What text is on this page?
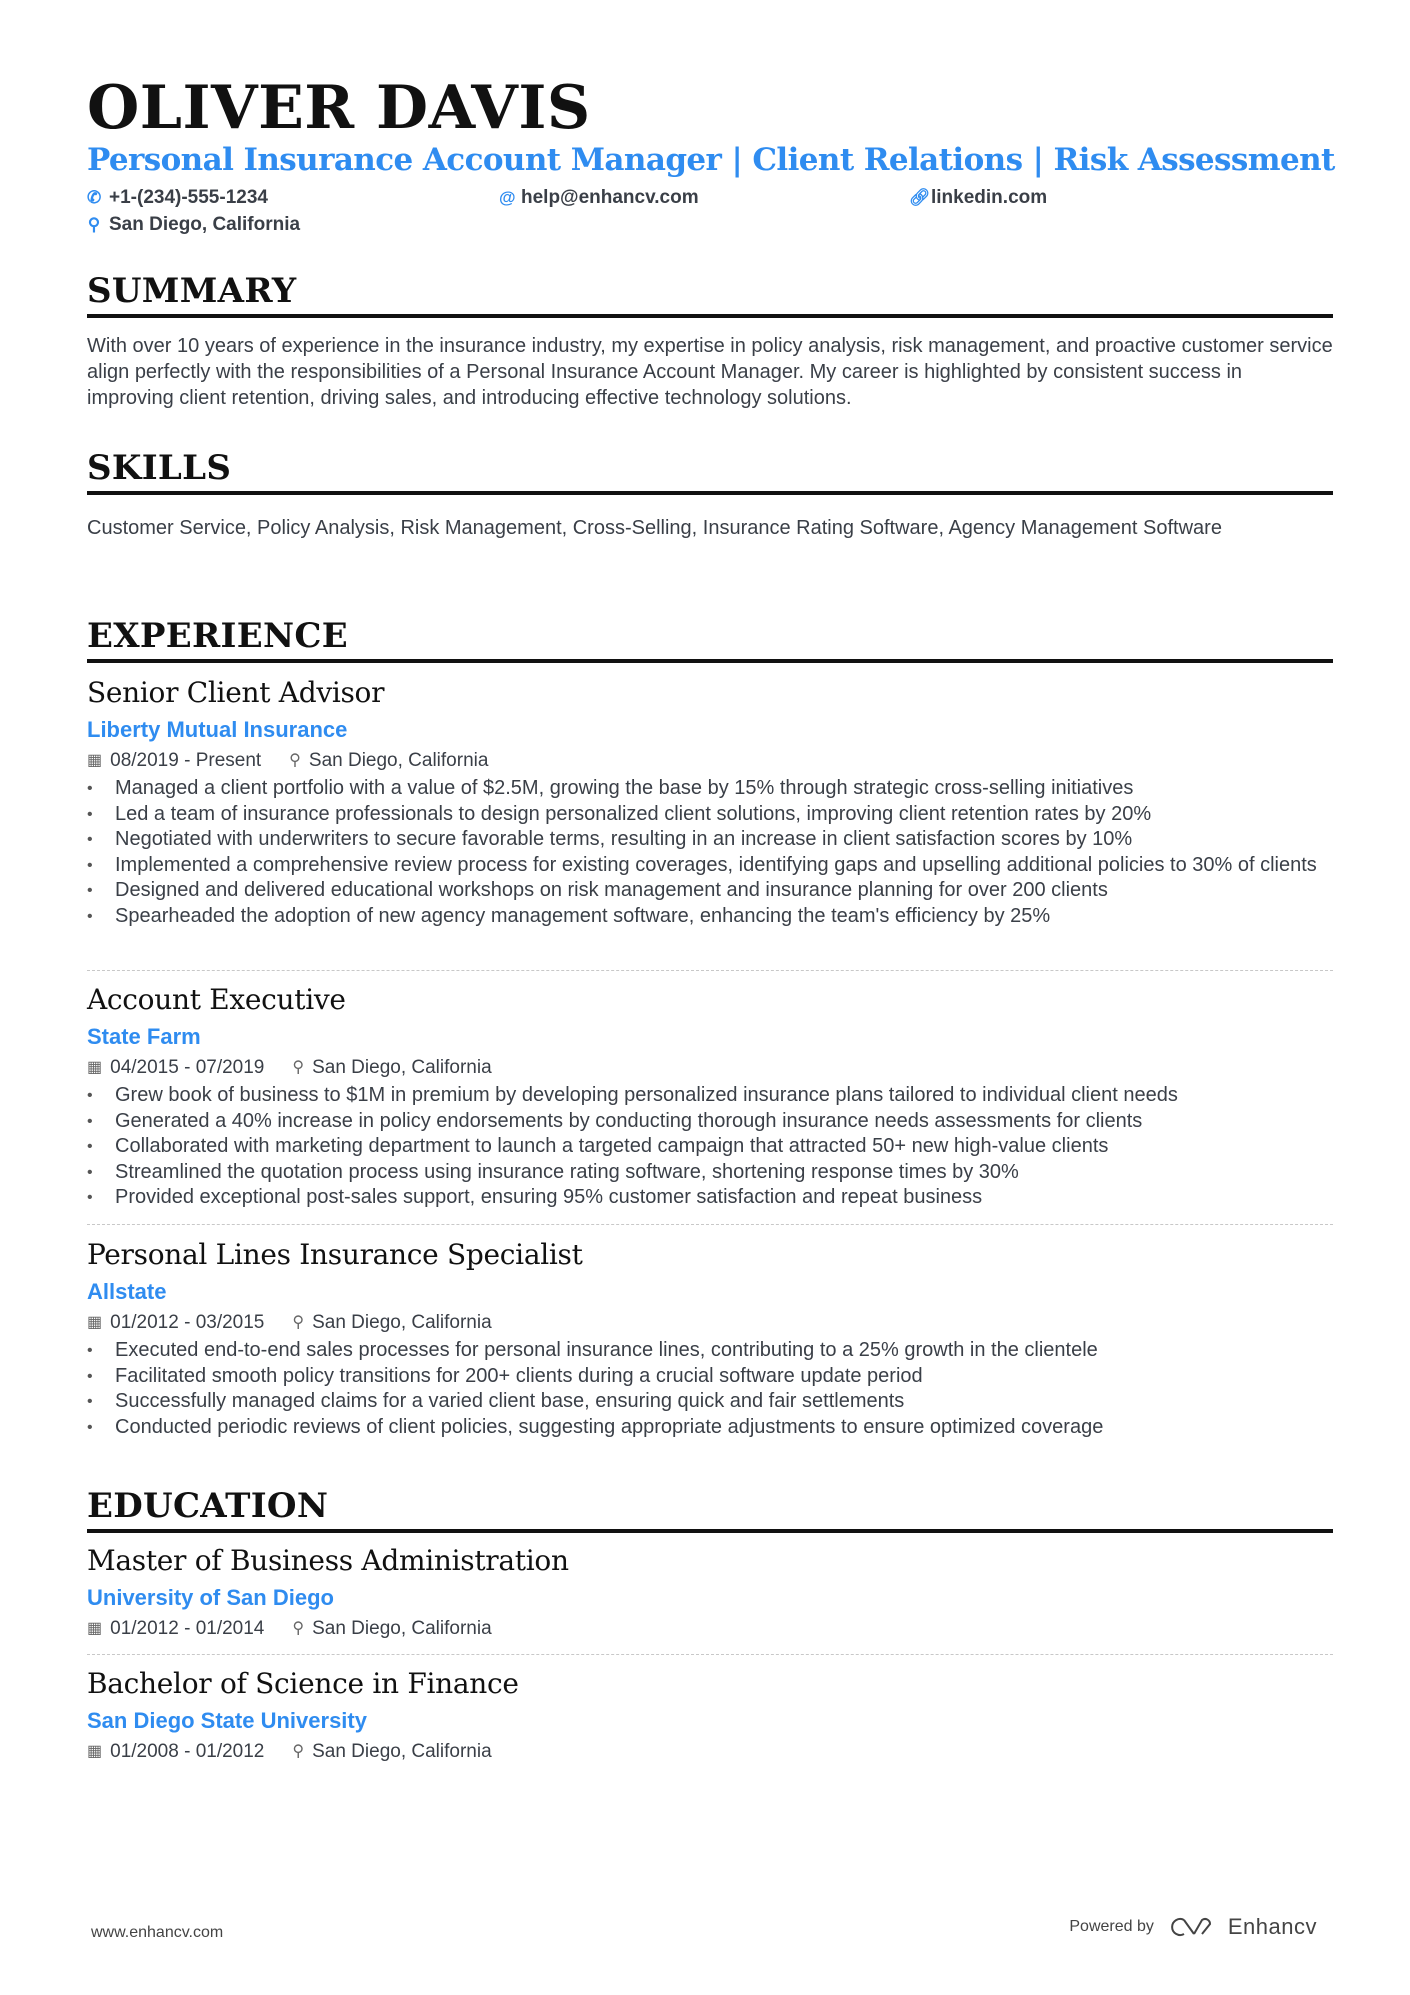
OLIVER DAVIS
Personal Insurance Account Manager | Client Relations | Risk Assessment
✆ +1-(234)-555-1234	@ help@enhancv.com	🔗︎ linkedin.com
⚲ San Diego, California
SUMMARY

With over 10 years of experience in the insurance industry, my expertise in policy analysis, risk management, and proactive customer service align perfectly with the responsibilities of a Personal Insurance Account Manager. My career is highlighted by consistent success in improving client retention, driving sales, and introducing effective technology solutions.

SKILLS

Customer Service, Policy Analysis, Risk Management, Cross-Selling, Insurance Rating Software, Agency Management Software

EXPERIENCE
Senior Client Advisor
Liberty Mutual Insurance
▦ 08/2019 - Present ⚲ San Diego, California
• Managed a client portfolio with a value of $2.5M, growing the base by 15% through strategic cross-selling initiatives
• Led a team of insurance professionals to design personalized client solutions, improving client retention rates by 20%
• Negotiated with underwriters to secure favorable terms, resulting in an increase in client satisfaction scores by 10%
• Implemented a comprehensive review process for existing coverages, identifying gaps and upselling additional policies to 30% of clients
• Designed and delivered educational workshops on risk management and insurance planning for over 200 clients
• Spearheaded the adoption of new agency management software, enhancing the team's efficiency by 25%
Account Executive
State Farm
▦ 04/2015 - 07/2019 ⚲ San Diego, California
• Grew book of business to $1M in premium by developing personalized insurance plans tailored to individual client needs
• Generated a 40% increase in policy endorsements by conducting thorough insurance needs assessments for clients
• Collaborated with marketing department to launch a targeted campaign that attracted 50+ new high-value clients
• Streamlined the quotation process using insurance rating software, shortening response times by 30%
• Provided exceptional post-sales support, ensuring 95% customer satisfaction and repeat business
Personal Lines Insurance Specialist
Allstate
▦ 01/2012 - 03/2015 ⚲ San Diego, California
• Executed end-to-end sales processes for personal insurance lines, contributing to a 25% growth in the clientele
• Facilitated smooth policy transitions for 200+ clients during a crucial software update period
• Successfully managed claims for a varied client base, ensuring quick and fair settlements
• Conducted periodic reviews of client policies, suggesting appropriate adjustments to ensure optimized coverage
EDUCATION
Master of Business Administration
University of San Diego
▦ 01/2012 - 01/2014 ⚲ San Diego, California
Bachelor of Science in Finance
San Diego State University
▦ 01/2008 - 01/2012 ⚲ San Diego, California
www.enhancv.com	Powered by	Enhancv
